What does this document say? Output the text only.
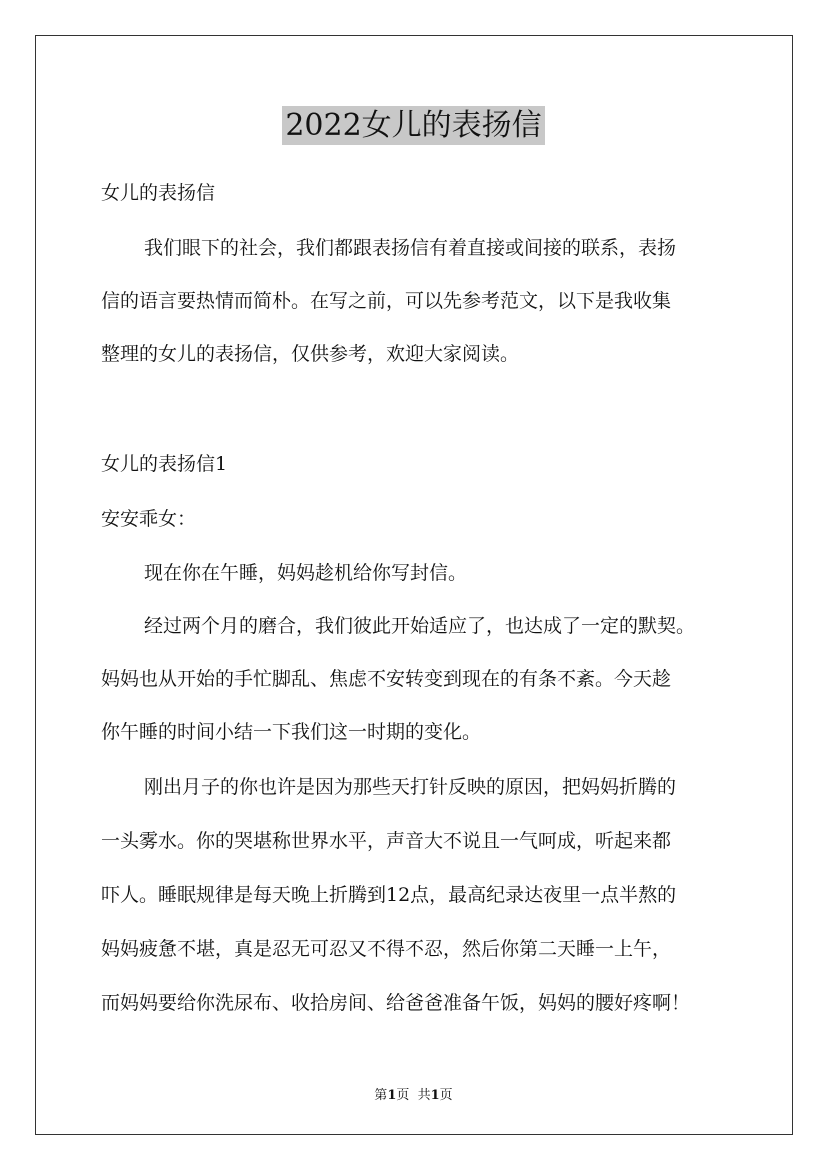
2022女儿的表扬信
女儿的表扬信
我们眼下的社会，我们都跟表扬信有着直接或间接的联系，表扬
信的语言要热情而简朴。在写之前，可以先参考范文，以下是我收集
整理的女儿的表扬信，仅供参考，欢迎大家阅读。
女儿的表扬信1
安安乖女：
现在你在午睡，妈妈趁机给你写封信。
经过两个月的磨合，我们彼此开始适应了，也达成了一定的默契。
妈妈也从开始的手忙脚乱、焦虑不安转变到现在的有条不紊。今天趁
你午睡的时间小结一下我们这一时期的变化。
刚出月子的你也许是因为那些天打针反映的原因，把妈妈折腾的
一头雾水。你的哭堪称世界水平，声音大不说且一气呵成，听起来都
吓人。睡眠规律是每天晚上折腾到12点，最高纪录达夜里一点半熬的
妈妈疲惫不堪，真是忍无可忍又不得不忍，然后你第二天睡一上午，
而妈妈要给你洗尿布、收拾房间、给爸爸准备午饭，妈妈的腰好疼啊！
第1页  共1页
